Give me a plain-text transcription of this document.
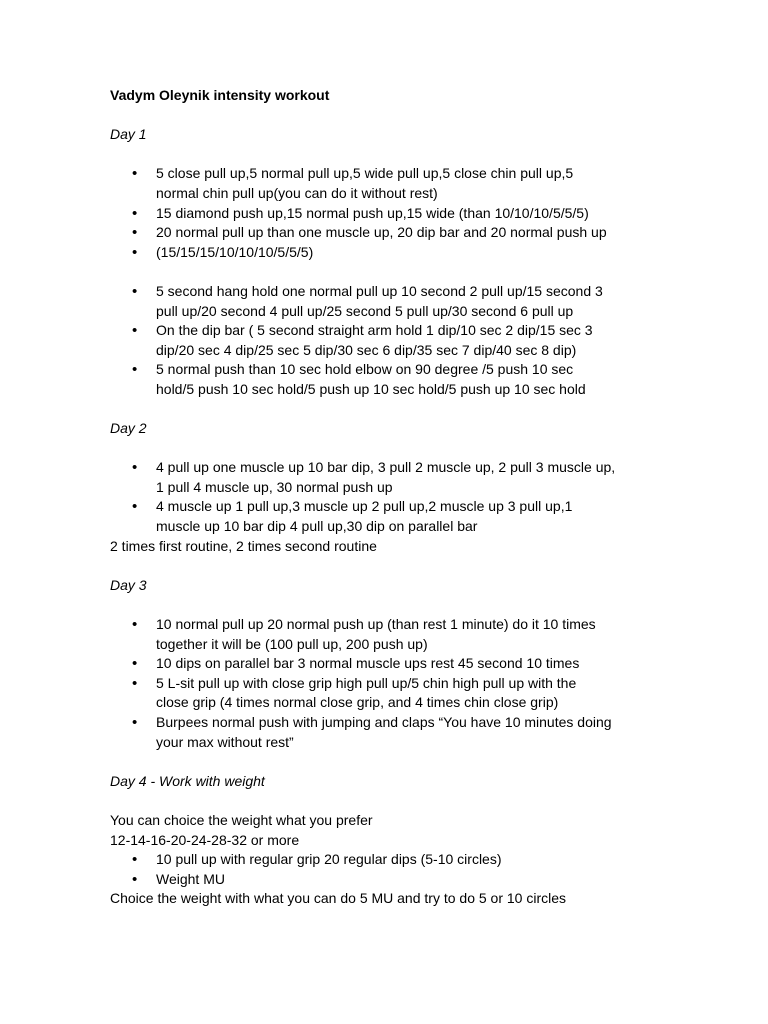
Vadym Oleynik intensity workout

Day 1

• 5 close pull up,5 normal pull up,5 wide pull up,5 close chin pull up,5
normal chin pull up(you can do it without rest)
• 15 diamond push up,15 normal push up,15 wide (than 10/10/10/5/5/5)
• 20 normal pull up than one muscle up, 20 dip bar and 20 normal push up
• (15/15/15/10/10/10/5/5/5)
• 5 second hang hold one normal pull up 10 second 2 pull up/15 second 3
pull up/20 second 4 pull up/25 second 5 pull up/30 second 6 pull up
• On the dip bar ( 5 second straight arm hold 1 dip/10 sec 2 dip/15 sec 3
dip/20 sec 4 dip/25 sec 5 dip/30 sec 6 dip/35 sec 7 dip/40 sec 8 dip)
• 5 normal push than 10 sec hold elbow on 90 degree /5 push 10 sec
hold/5 push 10 sec hold/5 push up 10 sec hold/5 push up 10 sec hold

Day 2

• 4 pull up one muscle up 10 bar dip, 3 pull 2 muscle up, 2 pull 3 muscle up,
1 pull 4 muscle up, 30 normal push up
• 4 muscle up 1 pull up,3 muscle up 2 pull up,2 muscle up 3 pull up,1
muscle up 10 bar dip 4 pull up,30 dip on parallel bar

2 times first routine, 2 times second routine

Day 3

• 10 normal pull up 20 normal push up (than rest 1 minute) do it 10 times
together it will be (100 pull up, 200 push up)
• 10 dips on parallel bar 3 normal muscle ups rest 45 second 10 times
• 5 L-sit pull up with close grip high pull up/5 chin high pull up with the
close grip (4 times normal close grip, and 4 times chin close grip)
• Burpees normal push with jumping and claps “You have 10 minutes doing
your max without rest”

Day 4 - Work with weight

You can choice the weight what you prefer

12-14-16-20-24-28-32 or more

• 10 pull up with regular grip 20 regular dips (5-10 circles)
• Weight MU

Choice the weight with what you can do 5 MU and try to do 5 or 10 circles
